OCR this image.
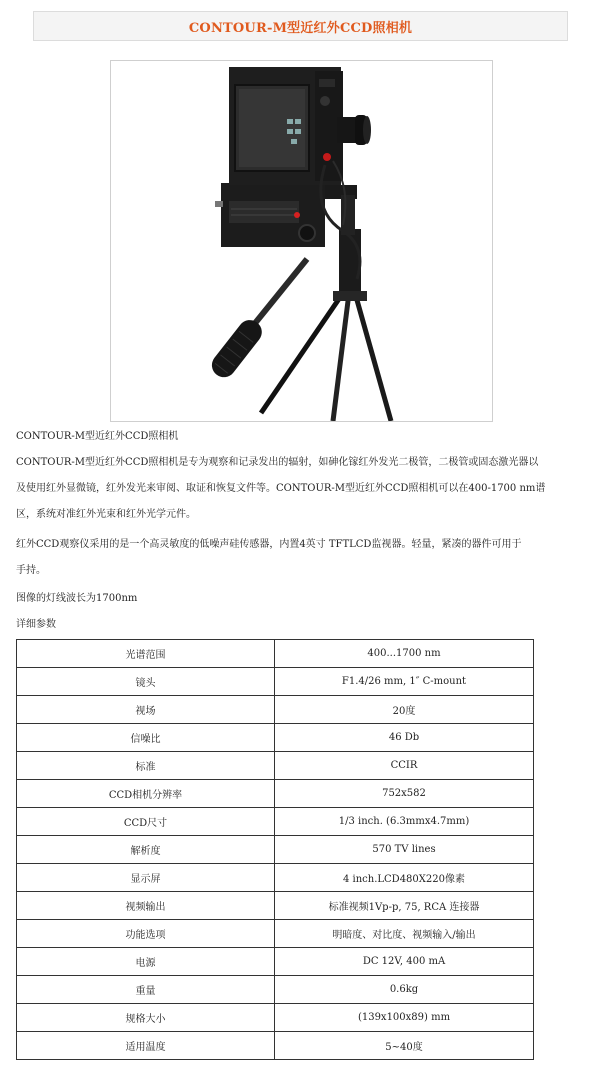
CONTOUR-M型近红外CCD照相机
CONTOUR-M型近红外CCD照相机
CONTOUR-M型近红外CCD照相机是专为观察和记录发出的辐射，如砷化镓红外发光二极管，二极管或固态激光器以
及使用红外显微镜，红外发光来审阅、取证和恢复文件等。CONTOUR-M型近红外CCD照相机可以在400-1700 nm谱
区，系统对准红外光束和红外光学元件。
红外CCD观察仪采用的是一个高灵敏度的低噪声硅传感器，内置4英寸 TFTLCD监视器。轻量，紧凑的器件可用于
手持。
图像的灯线波长为1700nm
详细参数
光谱范围	400...1700 nm
镜头	F1.4/26 mm, 1″ C-mount
视场	20度
信噪比	46 Db
标准	CCIR
CCD相机分辨率	752x582
CCD尺寸	1/3 inch. (6.3mmx4.7mm)
解析度	570 TV lines
显示屏	4 inch.LCD480X220像素
视频输出	标准视频1Vp-p, 75, RCA 连接器
功能选项	明暗度、对比度、视频输入/输出
电源	DC 12V, 400 mA
重量	0.6kg
规格大小	(139x100x89) mm
适用温度	5~40度
